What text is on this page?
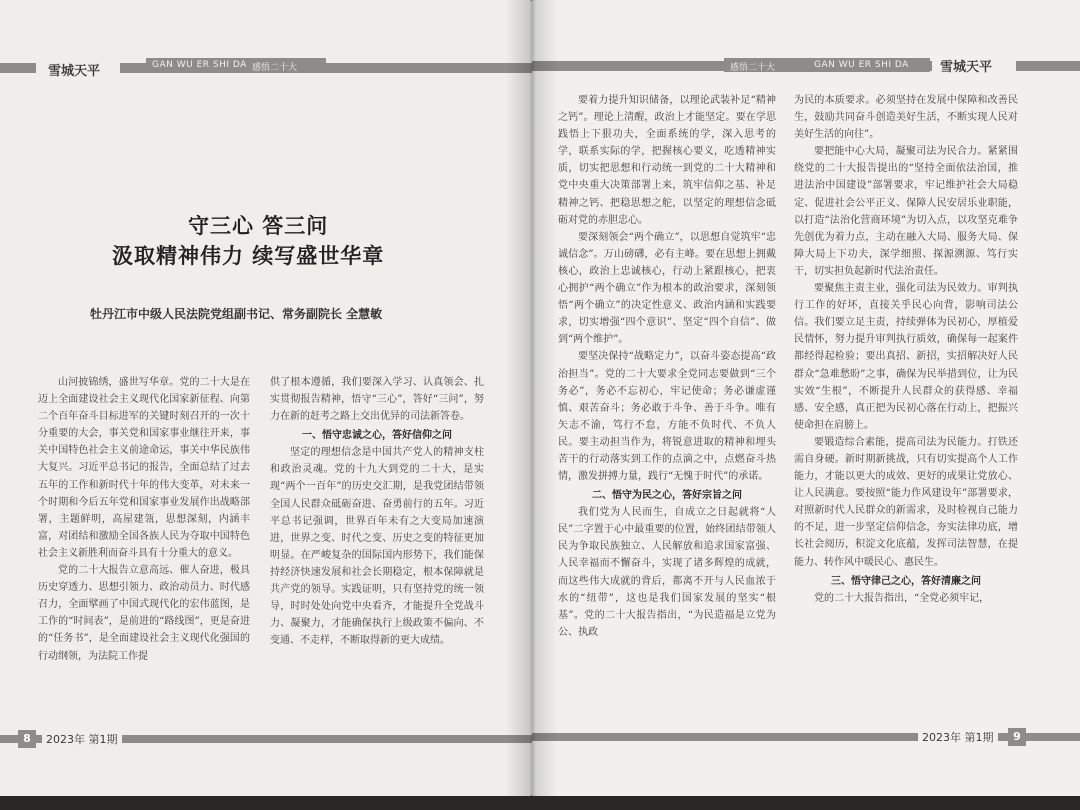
雪城天平	GAN WU ER SHI DA 感悟二十大
守三心 答三问
汲取精神伟力 续写盛世华章
牡丹江市中级人民法院党组副书记、常务副院长 全慧敏

山河披锦绣，盛世写华章。党的二十大是在迈上全面建设社会主义现代化国家新征程、向第二个百年奋斗目标进军的关键时刻召开的一次十分重要的大会，事关党和国家事业继往开来，事关中国特色社会主义前途命运，事关中华民族伟大复兴。习近平总书记的报告，全面总结了过去五年的工作和新时代十年的伟大变革，对未来一个时期和今后五年党和国家事业发展作出战略部署，主题鲜明，高屋建瓴，思想深刻，内涵丰富，对团结和激励全国各族人民为夺取中国特色社会主义新胜利而奋斗具有十分重大的意义。

党的二十大报告立意高远、催人奋进，极具历史穿透力、思想引领力、政治动员力、时代感召力，全面擘画了中国式现代化的宏伟蓝图，是工作的“时间表”，是前进的“路线图”，更是奋进的“任务书”，是全面建设社会主义现代化强国的行动纲领，为法院工作提

供了根本遵循，我们要深入学习、认真领会、扎实贯彻报告精神，悟守“三心”，答好“三问”，努力在新的赶考之路上交出优异的司法新答卷。

一、悟守忠诚之心，答好信仰之问

坚定的理想信念是中国共产党人的精神支柱和政治灵魂。党的十九大到党的二十大，是实现“两个一百年”的历史交汇期，是我党团结带领全国人民群众砥砺奋进、奋勇前行的五年。习近平总书记强调，世界百年未有之大变局加速演进，世界之变、时代之变、历史之变的特征更加明显。在严峻复杂的国际国内形势下，我们能保持经济快速发展和社会长期稳定，根本保障就是共产党的领导。实践证明，只有坚持党的统一领导，时时处处向党中央看齐，才能提升全党战斗力、凝聚力，才能确保执行上级政策不偏向、不变通、不走样，不断取得新的更大成绩。

8	2023年 第1期
感悟二十大	GAN WU ER SHI DA 雪城天平

要着力提升知识储备，以理论武装补足“精神之钙”。理论上清醒，政治上才能坚定。要在学思践悟上下狠功夫，全面系统的学，深入思考的学，联系实际的学，把握核心要义，吃透精神实质，切实把思想和行动统一到党的二十大精神和党中央重大决策部署上来，筑牢信仰之基、补足精神之钙、把稳思想之舵，以坚定的理想信念砥砺对党的赤胆忠心。

要深刻领会“两个确立”，以思想自觉筑牢“忠诚信念”。万山磅礴，必有主峰。要在思想上拥戴核心，政治上忠诚核心，行动上紧跟核心，把衷心拥护“两个确立”作为根本的政治要求，深刻领悟“两个确立”的决定性意义、政治内涵和实践要求，切实增强“四个意识”、坚定“四个自信”、做到“两个维护”。

要坚决保持“战略定力”，以奋斗姿态提高“政治担当”。党的二十大要求全党同志要做到“三个务必”，务必不忘初心，牢记使命；务必谦虚谨慎、艰苦奋斗；务必敢于斗争、善于斗争。唯有矢志不渝，笃行不怠，方能不负时代、不负人民。要主动担当作为，将锐意进取的精神和埋头苦干的行动落实到工作的点滴之中，点燃奋斗热情，激发拼搏力量，践行“无愧于时代”的承诺。

二、悟守为民之心，答好宗旨之问

我们党为人民而生，自成立之日起就将“人民”二字置于心中最重要的位置，始终团结带领人民为争取民族独立、人民解放和追求国家富强、人民幸福而不懈奋斗，实现了诸多辉煌的成就，而这些伟大成就的背后，都离不开与人民血浓于水的“纽带”，这也是我们国家发展的坚实“根基”。党的二十大报告指出，“为民造福是立党为公、执政

为民的本质要求。必须坚持在发展中保障和改善民生，鼓励共同奋斗创造美好生活，不断实现人民对美好生活的向往”。

要把能中心大局，凝聚司法为民合力。紧紧围绕党的二十大报告提出的“坚持全面依法治国，推进法治中国建设”部署要求，牢记维护社会大局稳定、促进社会公平正义、保障人民安居乐业职能，以打造“法治化营商环境”为切入点，以攻坚克难争先创优为着力点，主动在融入大局、服务大局、保障大局上下功夫，深学细照、探源溯源、笃行实干，切实担负起新时代法治责任。

要聚焦主责主业，强化司法为民效力。审判执行工作的好坏，直接关乎民心向背，影响司法公信。我们要立足主责，持续弹体为民初心，厚植爱民情怀，努力提升审判执行质效，确保每一起案件都经得起检验；要出真招、新招，实招解决好人民群众“急难愁盼”之事，确保为民举措到位，让为民实效“生根”，不断提升人民群众的获得感、幸福感、安全感，真正把为民初心落在行动上，把振兴使命担在肩膀上。

要锻造综合素能，提高司法为民能力。打铁还需自身硬。新时期新挑战，只有切实提高个人工作能力，才能以更大的成效、更好的成果让党放心、让人民满意。要按照“能力作风建设年”部署要求，对照新时代人民群众的新需求，及时检视自己能力的不足，进一步坚定信仰信念，夯实法律功底，增长社会阅历，积淀文化底蕴，发挥司法智慧，在提能力、转作风中暖民心、惠民生。

三、悟守律己之心，答好清廉之问

党的二十大报告指出，“全党必须牢记，

2023年 第1期	9
